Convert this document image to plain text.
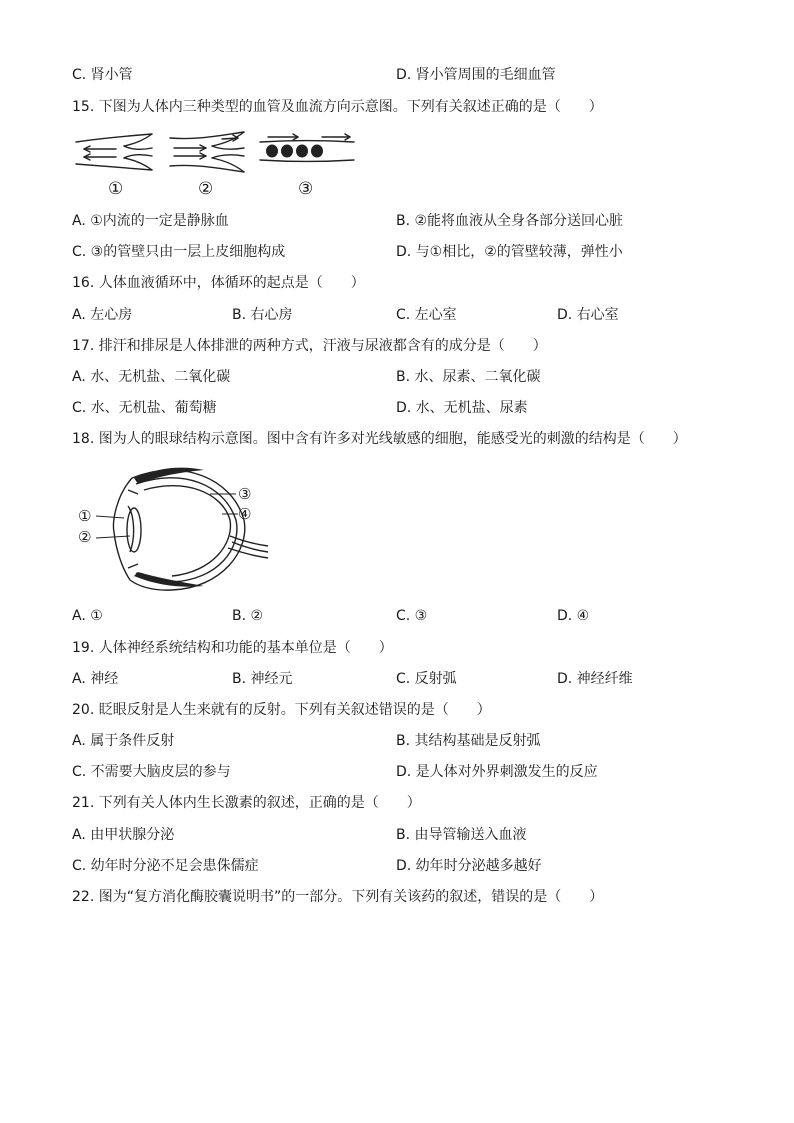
C. 肾小管	D. 肾小管周围的毛细血管
15. 下图为人体内三种类型的血管及血流方向示意图。下列有关叙述正确的是（　　）
①	②	③
A. ①内流的一定是静脉血	B. ②能将血液从全身各部分送回心脏
C. ③的管壁只由一层上皮细胞构成	D. 与①相比，②的管壁较薄，弹性小
16. 人体血液循环中，体循环的起点是（　　）
A. 左心房	B. 右心房	C. 左心室	D. 右心室
17. 排汗和排尿是人体排泄的两种方式，汗液与尿液都含有的成分是（　　）
A. 水、无机盐、二氧化碳	B. 水、尿素、二氧化碳
C. 水、无机盐、葡萄糖	D. 水、无机盐、尿素
18. 图为人的眼球结构示意图。图中含有许多对光线敏感的细胞，能感受光的刺激的结构是（　　）
①
②
③
④
A. ①	B. ②	C. ③	D. ④
19. 人体神经系统结构和功能的基本单位是（　　）
A. 神经	B. 神经元	C. 反射弧	D. 神经纤维
20. 眨眼反射是人生来就有的反射。下列有关叙述错误的是（　　）
A. 属于条件反射	B. 其结构基础是反射弧
C. 不需要大脑皮层的参与	D. 是人体对外界刺激发生的反应
21. 下列有关人体内生长激素的叙述，正确的是（　　）
A. 由甲状腺分泌	B. 由导管输送入血液
C. 幼年时分泌不足会患侏儒症	D. 幼年时分泌越多越好
22. 图为“复方消化酶胶囊说明书”的一部分。下列有关该药的叙述，错误的是（　　）
